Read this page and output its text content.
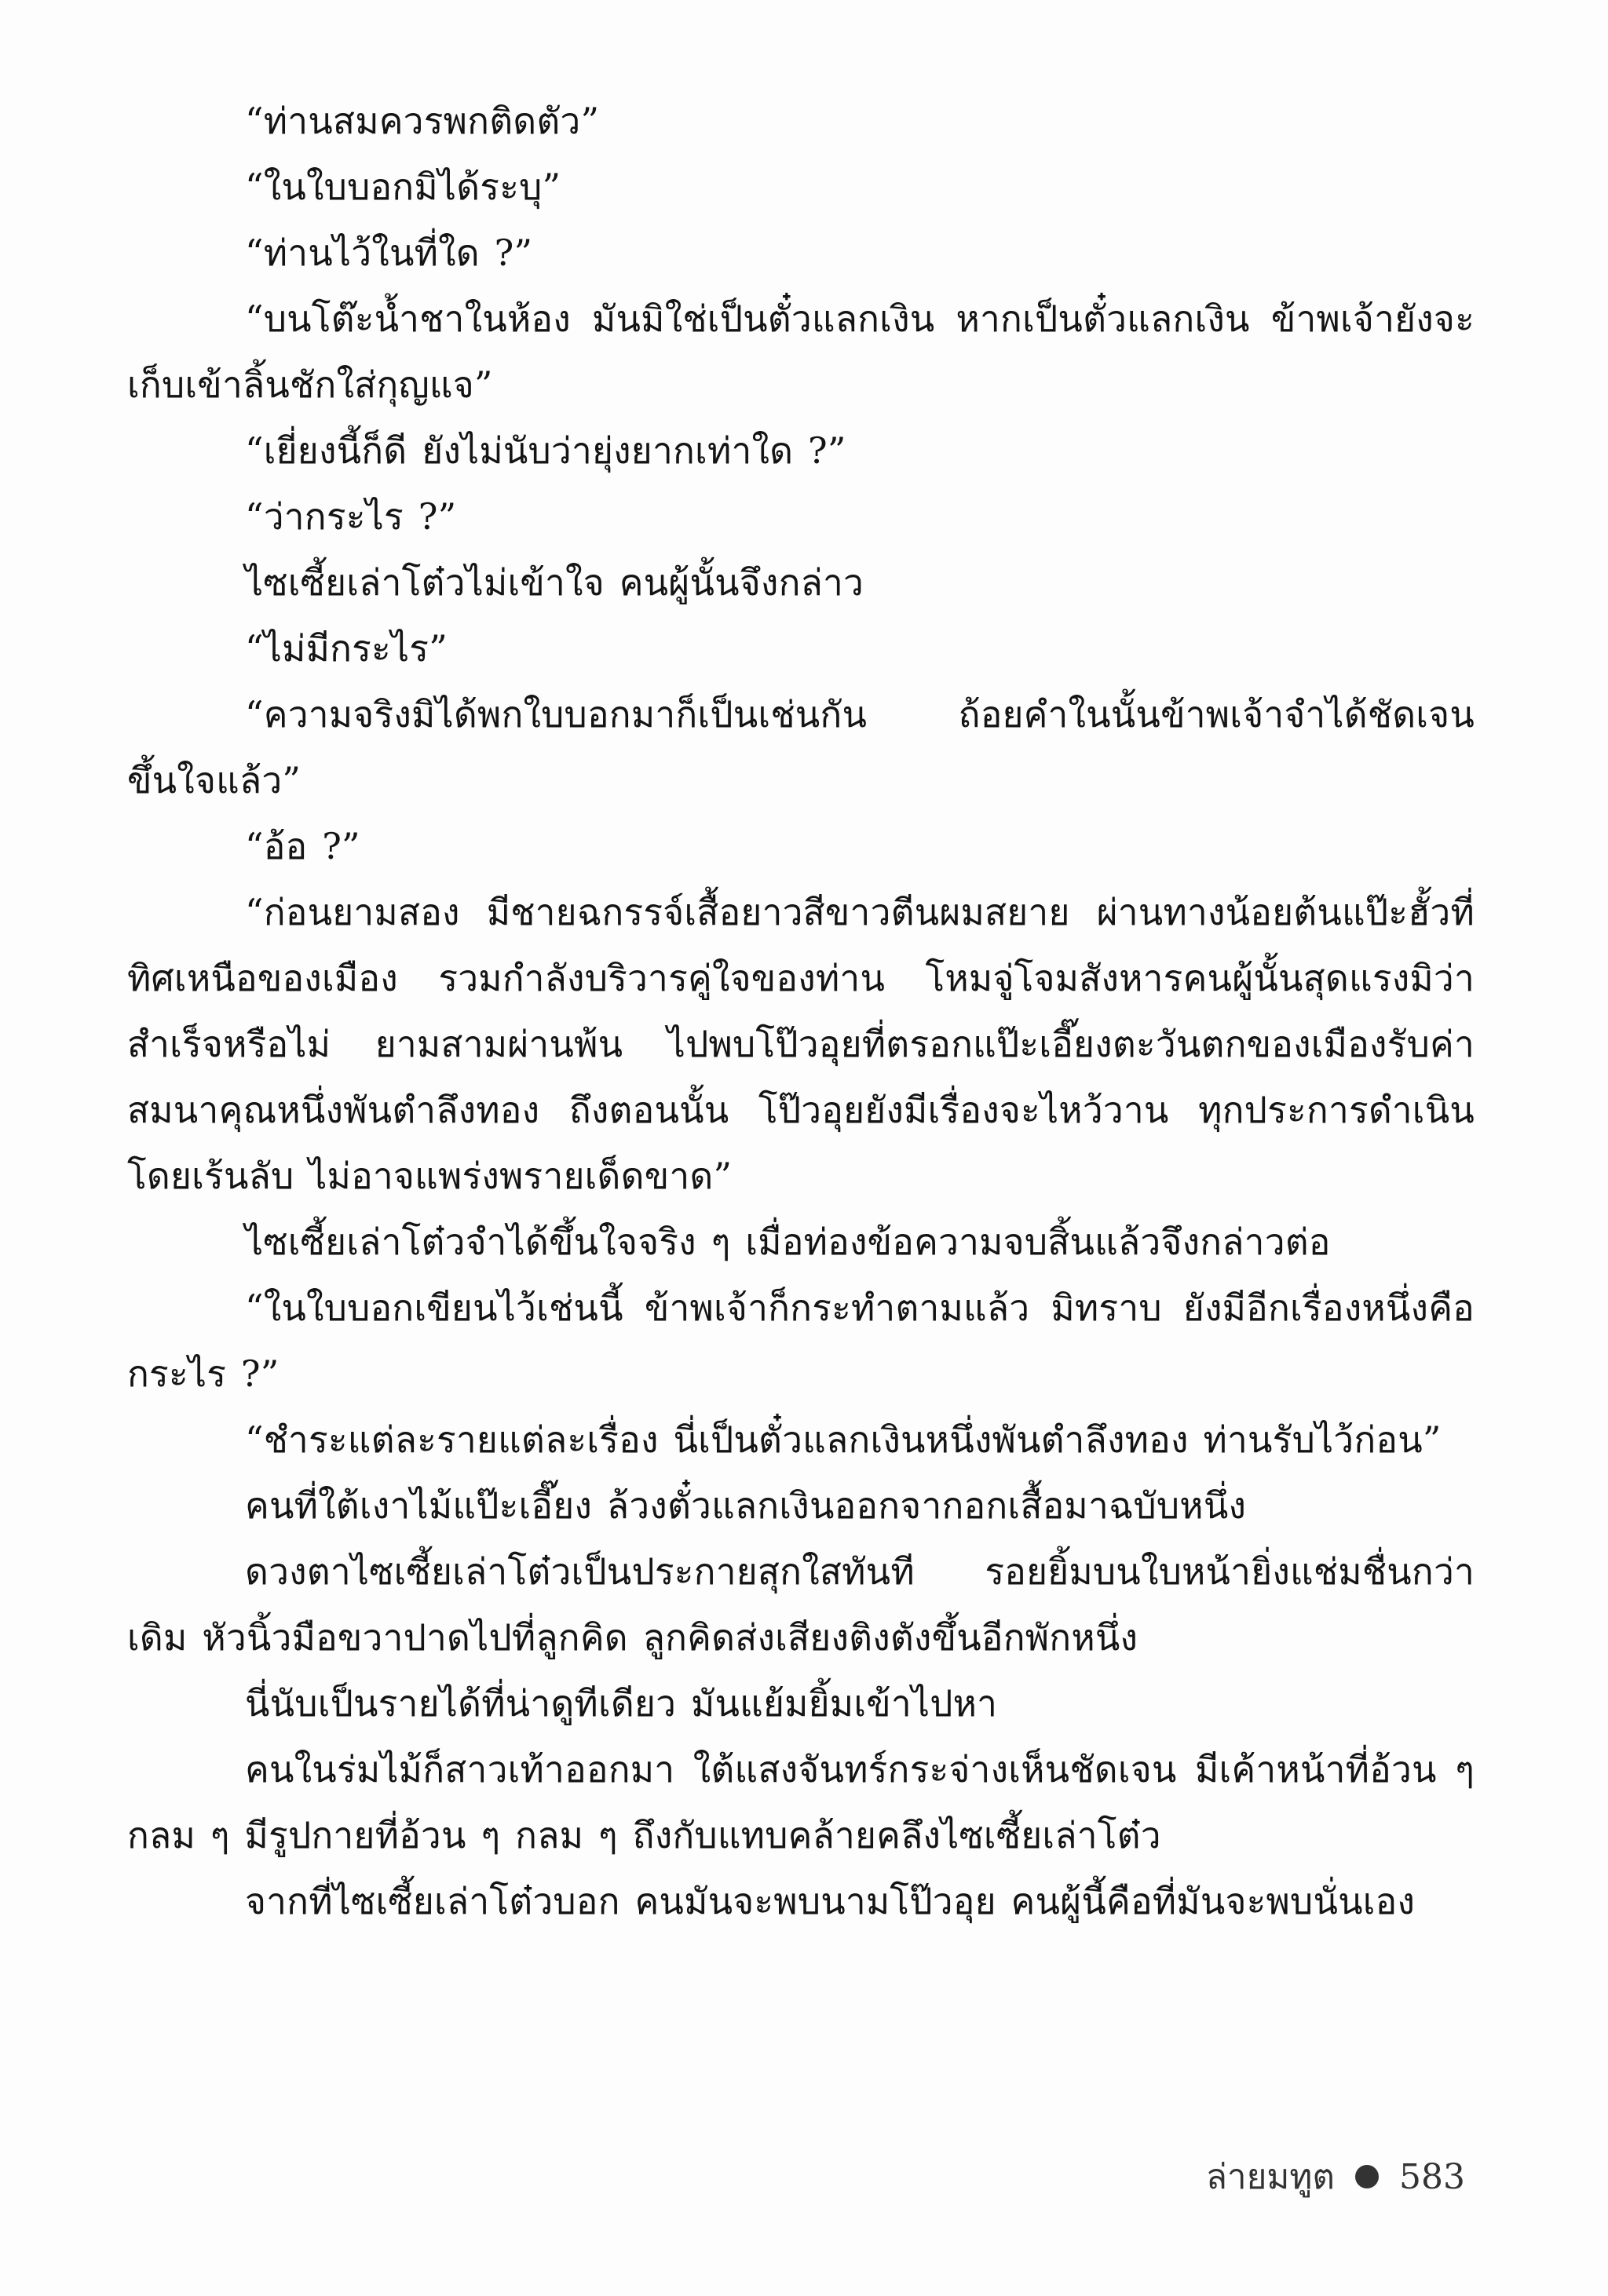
“ท่านสมควรพกติดตัว”

“ในใบบอกมิได้ระบุ”

“ท่านไว้ในที่ใด ?”

“บนโต๊ะน้ำชาในห้อง มันมิใช่เป็นตั๋วแลกเงิน หากเป็นตั๋วแลกเงิน ข้าพเจ้ายังจะเก็บเข้าลิ้นชักใส่กุญแจ”

“เยี่ยงนี้ก็ดี ยังไม่นับว่ายุ่งยากเท่าใด ?”

“ว่ากระไร ?”

ไซเซี้ยเล่าโต๋วไม่เข้าใจ คนผู้นั้นจึงกล่าว

“ไม่มีกระไร”

“ความจริงมิได้พกใบบอกมาก็เป็นเช่นกัน ถ้อยคำในนั้นข้าพเจ้าจำได้ชัดเจนขึ้นใจแล้ว”

“อ้อ ?”

“ก่อนยามสอง มีชายฉกรรจ์เสื้อยาวสีขาวตีนผมสยาย ผ่านทางน้อยต้นแป๊ะฮั้วที่ทิศเหนือของเมือง รวมกำลังบริวารคู่ใจของท่าน โหมจู่โจมสังหารคนผู้นั้นสุดแรงมิว่าสำเร็จหรือไม่ ยามสามผ่านพ้น ไปพบโป๊วอุยที่ตรอกแป๊ะเอี๊ยงตะวันตกของเมืองรับค่าสมนาคุณหนึ่งพันตำลึงทอง ถึงตอนนั้น โป๊วอุยยังมีเรื่องจะไหว้วาน ทุกประการดำเนินโดยเร้นลับ ไม่อาจแพร่งพรายเด็ดขาด”

ไซเซี้ยเล่าโต๋วจำได้ขึ้นใจจริง ๆ เมื่อท่องข้อความจบสิ้นแล้วจึงกล่าวต่อ

“ในใบบอกเขียนไว้เช่นนี้ ข้าพเจ้าก็กระทำตามแล้ว มิทราบ ยังมีอีกเรื่องหนึ่งคือกระไร ?”

“ชำระแต่ละรายแต่ละเรื่อง นี่เป็นตั๋วแลกเงินหนึ่งพันตำลึงทอง ท่านรับไว้ก่อน”

คนที่ใต้เงาไม้แป๊ะเอี๊ยง ล้วงตั๋วแลกเงินออกจากอกเสื้อมาฉบับหนึ่ง

ดวงตาไซเซี้ยเล่าโต๋วเป็นประกายสุกใสทันที รอยยิ้มบนใบหน้ายิ่งแช่มชื่นกว่าเดิม หัวนิ้วมือขวาปาดไปที่ลูกคิด ลูกคิดส่งเสียงติงตังขึ้นอีกพักหนึ่ง

นี่นับเป็นรายได้ที่น่าดูทีเดียว มันแย้มยิ้มเข้าไปหา

คนในร่มไม้ก็สาวเท้าออกมา ใต้แสงจันทร์กระจ่างเห็นชัดเจน มีเค้าหน้าที่อ้วน ๆ กลม ๆ มีรูปกายที่อ้วน ๆ กลม ๆ ถึงกับแทบคล้ายคลึงไซเซี้ยเล่าโต๋ว

จากที่ไซเซี้ยเล่าโต๋วบอก คนมันจะพบนามโป๊วอุย คนผู้นี้คือที่มันจะพบนั่นเอง

ล่ายมทูต 583
